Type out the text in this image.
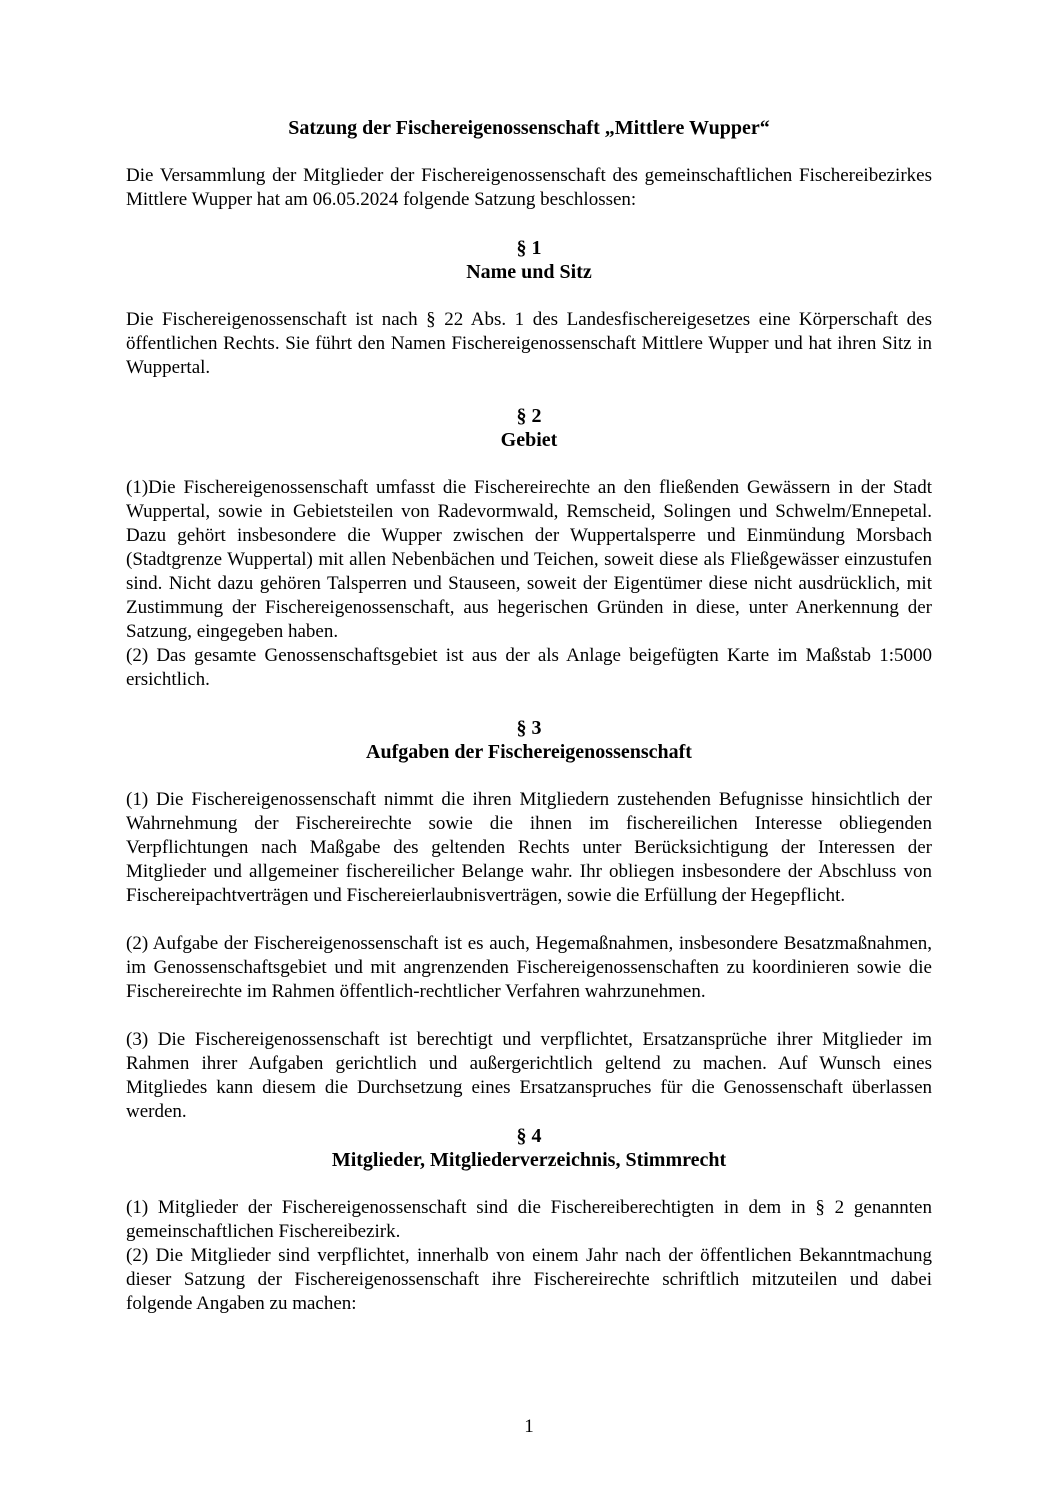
Satzung der Fischereigenossenschaft „Mittlere Wupper“

Die Versammlung der Mitglieder der Fischereigenossenschaft des gemeinschaftlichen Fischereibezirkes Mittlere Wupper hat am 06.05.2024 folgende Satzung beschlossen:

§ 1
Name und Sitz

Die Fischereigenossenschaft ist nach § 22 Abs. 1 des Landesfischereigesetzes eine Körperschaft des öffentlichen Rechts. Sie führt den Namen Fischereigenossenschaft Mittlere Wupper und hat ihren Sitz in Wuppertal.

§ 2
Gebiet

(1)Die Fischereigenossenschaft umfasst die Fischereirechte an den fließenden Gewässern in der Stadt Wuppertal, sowie in Gebietsteilen von Radevormwald, Remscheid, Solingen und Schwelm/Ennepetal. Dazu gehört insbesondere die Wupper zwischen der Wuppertalsperre und Einmündung Morsbach (Stadtgrenze Wuppertal) mit allen Nebenbächen und Teichen, soweit diese als Fließgewässer einzustufen sind. Nicht dazu gehören Talsperren und Stauseen, soweit der Eigentümer diese nicht ausdrücklich, mit Zustimmung der Fischereigenossenschaft, aus hegerischen Gründen in diese, unter Anerkennung der Satzung, eingegeben haben.

(2) Das gesamte Genossenschaftsgebiet ist aus der als Anlage beigefügten Karte im Maßstab 1:5000 ersichtlich.

§ 3
Aufgaben der Fischereigenossenschaft

(1) Die Fischereigenossenschaft nimmt die ihren Mitgliedern zustehenden Befugnisse hinsichtlich der Wahrnehmung der Fischereirechte sowie die ihnen im fischereilichen Interesse obliegenden Verpflichtungen nach Maßgabe des geltenden Rechts unter Berücksichtigung der Interessen der Mitglieder und allgemeiner fischereilicher Belange wahr. Ihr obliegen insbesondere der Abschluss von Fischereipachtverträgen und Fischereierlaubnisverträgen, sowie die Erfüllung der Hegepflicht.

(2) Aufgabe der Fischereigenossenschaft ist es auch, Hegemaßnahmen, insbesondere Besatzmaßnahmen, im Genossenschaftsgebiet und mit angrenzenden Fischereigenossenschaften zu koordinieren sowie die Fischereirechte im Rahmen öffentlich-rechtlicher Verfahren wahrzunehmen.

(3) Die Fischereigenossenschaft ist berechtigt und verpflichtet, Ersatzansprüche ihrer Mitglieder im Rahmen ihrer Aufgaben gerichtlich und außergerichtlich geltend zu machen. Auf Wunsch eines Mitgliedes kann diesem die Durchsetzung eines Ersatzanspruches für die Genossenschaft überlassen werden.

§ 4
Mitglieder, Mitgliederverzeichnis, Stimmrecht

(1) Mitglieder der Fischereigenossenschaft sind die Fischereiberechtigten in dem in § 2 genannten gemeinschaftlichen Fischereibezirk.

(2) Die Mitglieder sind verpflichtet, innerhalb von einem Jahr nach der öffentlichen Bekanntmachung dieser Satzung der Fischereigenossenschaft ihre Fischereirechte schriftlich mitzuteilen und dabei folgende Angaben zu machen:

1
